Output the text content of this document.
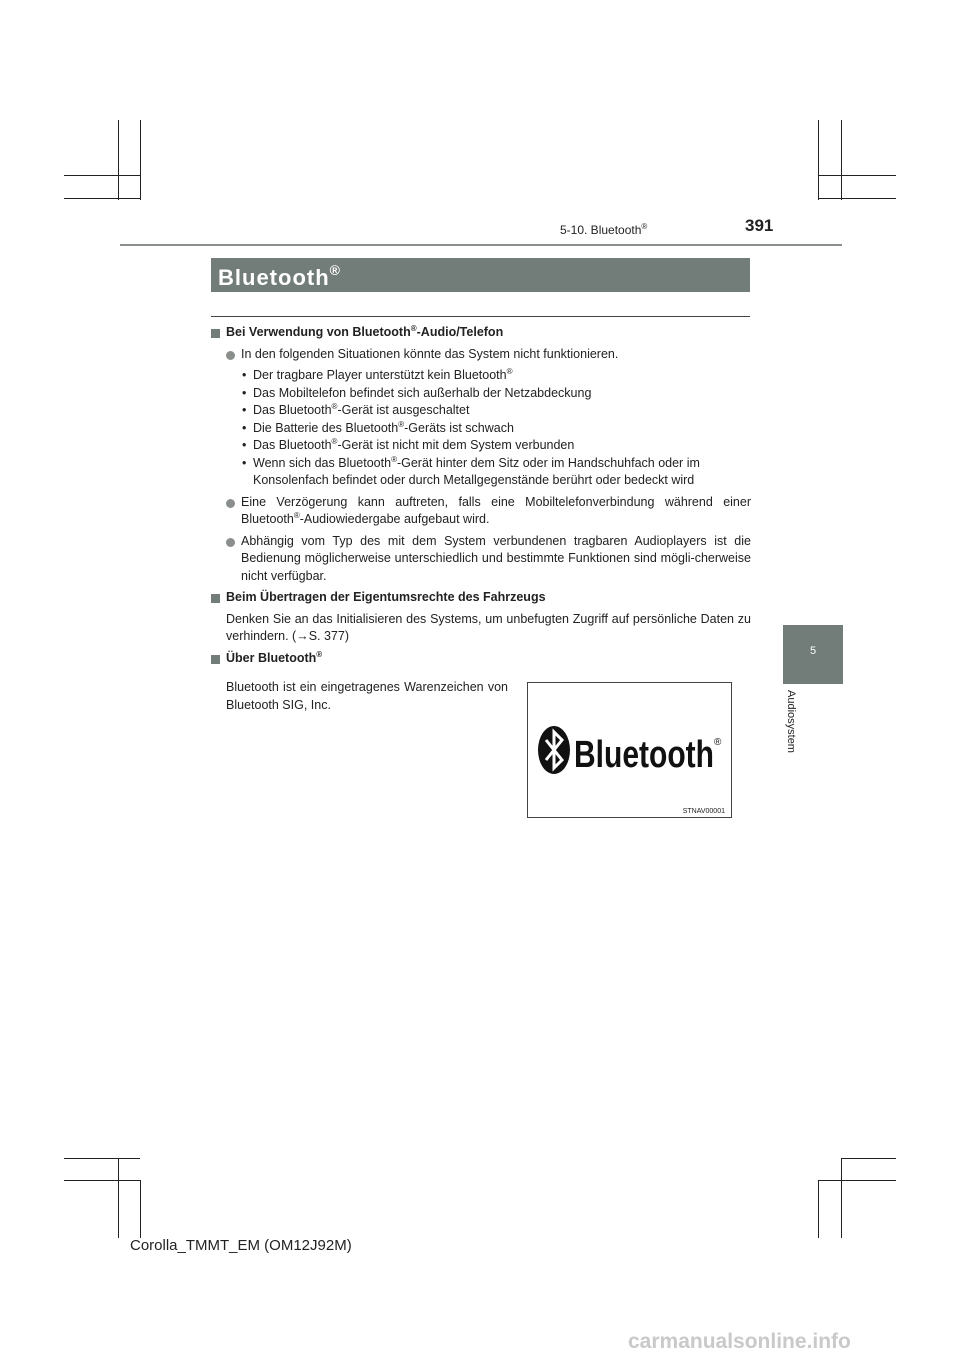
5-10. Bluetooth®	391
Bluetooth®
Bei Verwendung von Bluetooth®-Audio/Telefon
In den folgenden Situationen könnte das System nicht funktionieren.
• Der tragbare Player unterstützt kein Bluetooth®
• Das Mobiltelefon befindet sich außerhalb der Netzabdeckung
• Das Bluetooth®-Gerät ist ausgeschaltet
• Die Batterie des Bluetooth®-Geräts ist schwach
• Das Bluetooth®-Gerät ist nicht mit dem System verbunden
• Wenn sich das Bluetooth®-Gerät hinter dem Sitz oder im Handschuhfach oder im Konsolenfach befindet oder durch Metallgegenstände berührt oder bedeckt wird
Eine Verzögerung kann auftreten, falls eine Mobiltelefonverbindung während einer Bluetooth®-Audiowiedergabe aufgebaut wird.
Abhängig vom Typ des mit dem System verbundenen tragbaren Audioplayers ist die Bedienung möglicherweise unterschiedlich und bestimmte Funktionen sind mögli-cherweise nicht verfügbar.
Beim Übertragen der Eigentumsrechte des Fahrzeugs
Denken Sie an das Initialisieren des Systems, um unbefugten Zugriff auf persönliche Daten zu verhindern. (→S. 377)
Über Bluetooth®
Bluetooth ist ein eingetragenes Warenzeichen von Bluetooth SIG, Inc.
Bluetooth ®
STNAV00001
5
Audiosystem
Corolla_TMMT_EM (OM12J92M)
carmanualsonline.info
